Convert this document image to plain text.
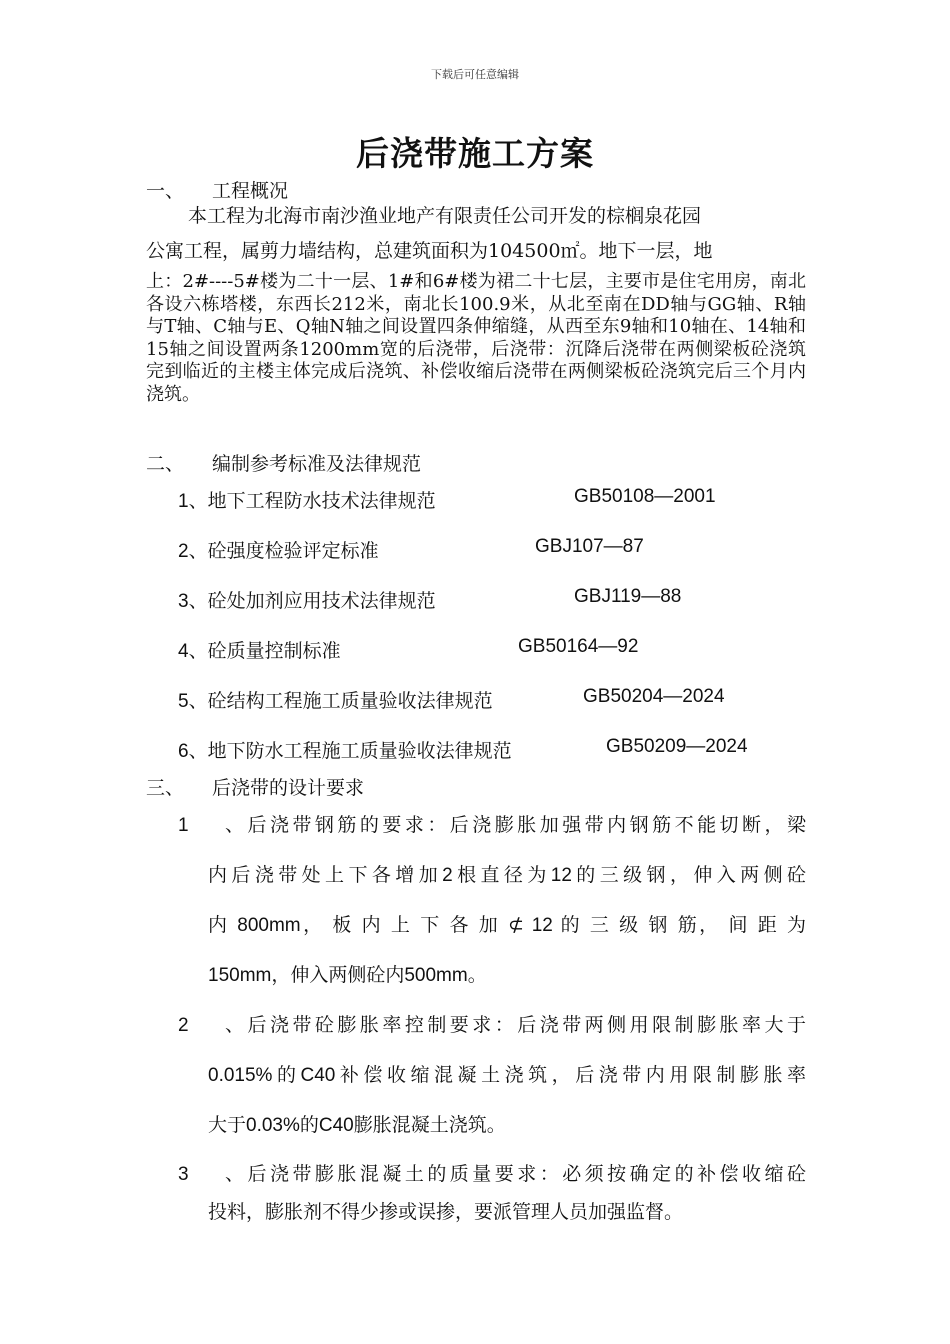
下载后可任意编辑
后浇带施工方案
一、 工程概况
本工程为北海市南沙渔业地产有限责任公司开发的棕榈泉花园
公寓工程，属剪力墙结构，总建筑面积为104500㎡。地下一层，地
上：2#----5#楼为二十一层、1#和6#楼为裙二十七层，主要市是住宅用房，南北各设六栋塔楼，东西长212米，南北长100.9米，从北至南在DD轴与GG轴、R轴与T轴、C轴与E、Q轴N轴之间设置四条伸缩缝，从西至东9轴和10轴在、14轴和15轴之间设置两条1200mm宽的后浇带，后浇带：沉降后浇带在两侧梁板砼浇筑完到临近的主楼主体完成后浇筑、补偿收缩后浇带在两侧梁板砼浇筑完后三个月内浇筑。
二、 编制参考标准及法律规范
1、地下工程防水技术法律规范	GB50108—2001
2、砼强度检验评定标准	GBJ107—87
3、砼处加剂应用技术法律规范	GBJ119—88
4、砼质量控制标准	GB50164—92
5、砼结构工程施工质量验收法律规范	GB50204—2024
6、地下防水工程施工质量验收法律规范	GB50209—2024
三、 后浇带的设计要求
1、后浇带钢筋的要求：后浇膨胀加强带内钢筋不能切断，梁
内后浇带处上下各增加2根直径为12的三级钢，伸入两侧砼
内 800mm， 板 内 上 下 各 加 ⊄ 12 的 三 级 钢 筋， 间 距 为
150mm，伸入两侧砼内500mm。
2、后浇带砼膨胀率控制要求：后浇带两侧用限制膨胀率大于
0.015%的C40补偿收缩混凝土浇筑，后浇带内用限制膨胀率
大于0.03%的C40膨胀混凝土浇筑。
3、后浇带膨胀混凝土的质量要求：必须按确定的补偿收缩砼
投料，膨胀剂不得少掺或误掺，要派管理人员加强监督。
